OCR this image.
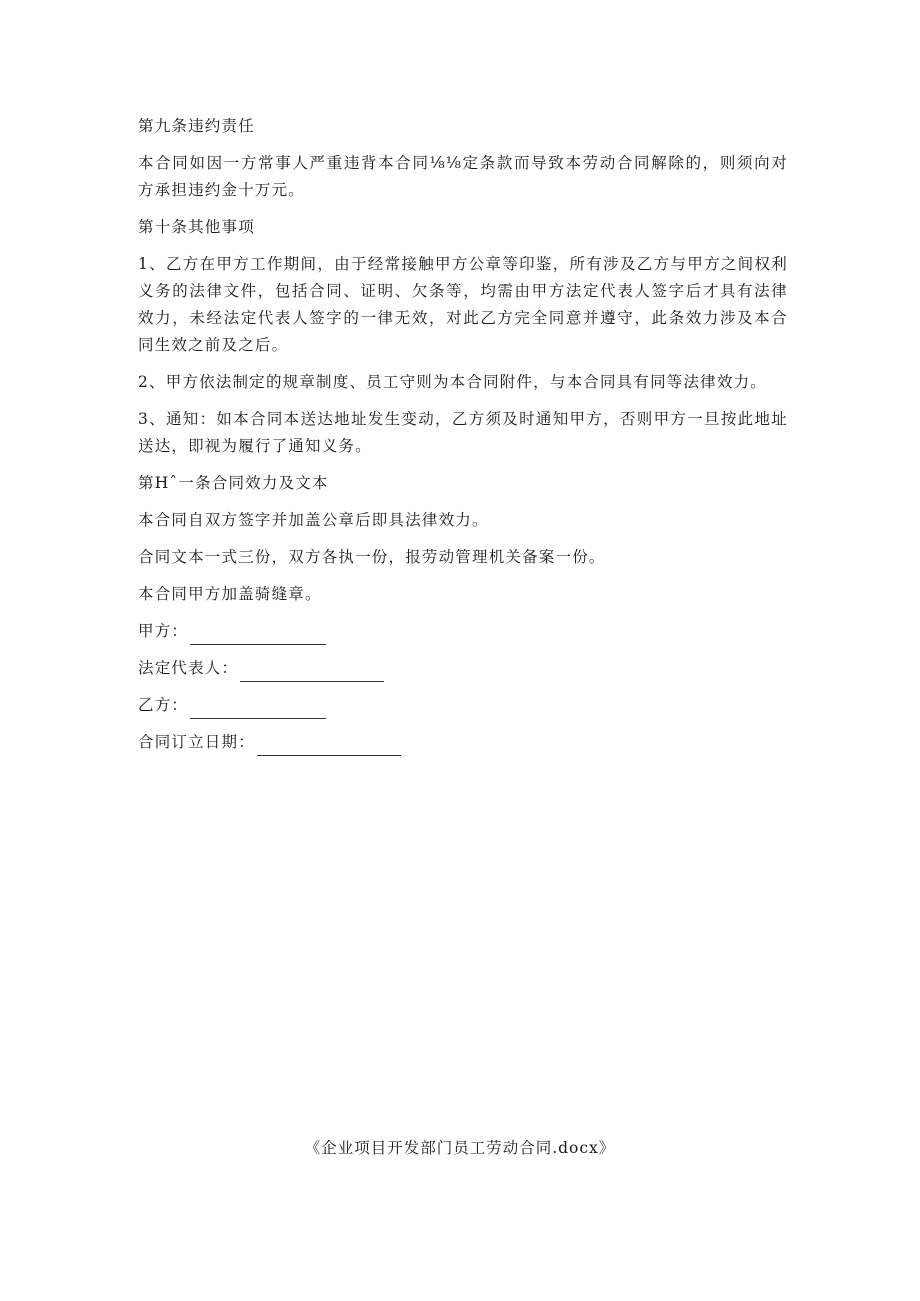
第九条违约责任

本合同如因一方常事人严重违背本合同⅛⅛定条款而导致本劳动合同解除的，则须向对方承担违约金十万元。

第十条其他事项

1、乙方在甲方工作期间，由于经常接触甲方公章等印鉴，所有涉及乙方与甲方之间权利义务的法律文件，包括合同、证明、欠条等，均需由甲方法定代表人签字后才具有法律效力，未经法定代表人签字的一律无效，对此乙方完全同意并遵守，此条效力涉及本合同生效之前及之后。

2、甲方依法制定的规章制度、员工守则为本合同附件，与本合同具有同等法律效力。

3、通知：如本合同本送达地址发生变动，乙方须及时通知甲方，否则甲方一旦按此地址送达，即视为履行了通知义务。

第Hˆ一条合同效力及文本

本合同自双方签字并加盖公章后即具法律效力。

合同文本一式三份，双方各执一份，报劳动管理机关备案一份。

本合同甲方加盖骑缝章。

甲方：
法定代表人：
乙方：
合同订立日期：
《企业项目开发部门员工劳动合同.docx》
